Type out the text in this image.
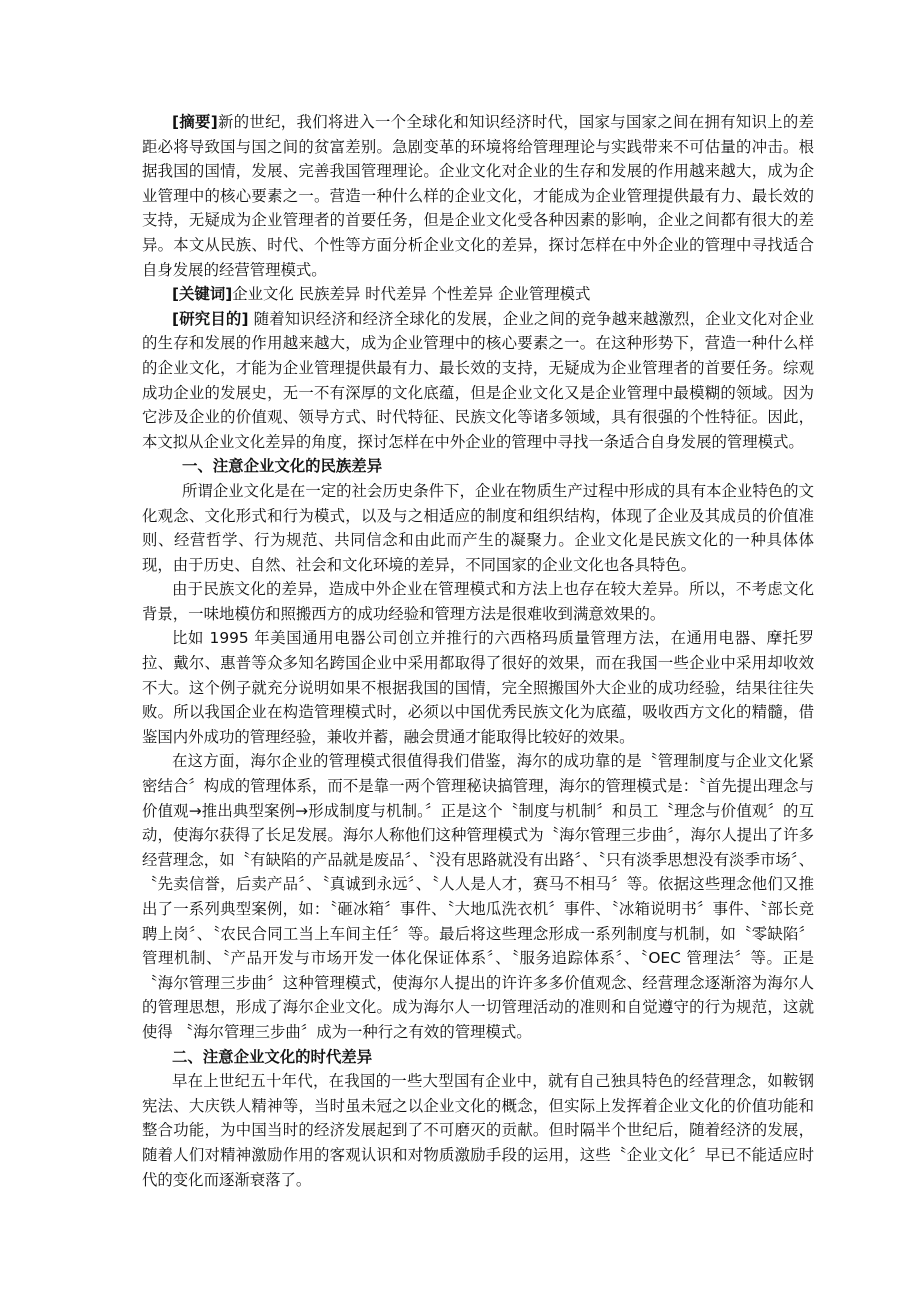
[摘要]新的世纪，我们将进入一个全球化和知识经济时代，国家与国家之间在拥有知识上的差距必将导致国与国之间的贫富差别。急剧变革的环境将给管理理论与实践带来不可估量的冲击。根据我国的国情，发展、完善我国管理理论。企业文化对企业的生存和发展的作用越来越大，成为企业管理中的核心要素之一。营造一种什么样的企业文化，才能成为企业管理提供最有力、最长效的支持，无疑成为企业管理者的首要任务，但是企业文化受各种因素的影响，企业之间都有很大的差异。本文从民族、时代、个性等方面分析企业文化的差异，探讨怎样在中外企业的管理中寻找适合自身发展的经营管理模式。

[关键词]企业文化 民族差异 时代差异 个性差异 企业管理模式

[研究目的] 随着知识经济和经济全球化的发展，企业之间的竞争越来越激烈，企业文化对企业的生存和发展的作用越来越大，成为企业管理中的核心要素之一。在这种形势下，营造一种什么样的企业文化，才能为企业管理提供最有力、最长效的支持，无疑成为企业管理者的首要任务。综观成功企业的发展史，无一不有深厚的文化底蕴，但是企业文化又是企业管理中最模糊的领域。因为它涉及企业的价值观、领导方式、时代特征、民族文化等诸多领域，具有很强的个性特征。因此，本文拟从企业文化差异的角度，探讨怎样在中外企业的管理中寻找一条适合自身发展的管理模式。

一、注意企业文化的民族差异

所谓企业文化是在一定的社会历史条件下，企业在物质生产过程中形成的具有本企业特色的文化观念、文化形式和行为模式，以及与之相适应的制度和组织结构，体现了企业及其成员的价值准则、经营哲学、行为规范、共同信念和由此而产生的凝聚力。企业文化是民族文化的一种具体体现，由于历史、自然、社会和文化环境的差异，不同国家的企业文化也各具特色。

由于民族文化的差异，造成中外企业在管理模式和方法上也存在较大差异。所以，不考虑文化背景，一味地模仿和照搬西方的成功经验和管理方法是很难收到满意效果的。

比如 1995 年美国通用电器公司创立并推行的六西格玛质量管理方法，在通用电器、摩托罗拉、戴尔、惠普等众多知名跨国企业中采用都取得了很好的效果，而在我国一些企业中采用却收效不大。这个例子就充分说明如果不根据我国的国情，完全照搬国外大企业的成功经验，结果往往失败。所以我国企业在构造管理模式时，必须以中国优秀民族文化为底蕴，吸收西方文化的精髓，借鉴国内外成功的管理经验，兼收并蓄，融会贯通才能取得比较好的效果。

在这方面，海尔企业的管理模式很值得我们借鉴，海尔的成功靠的是〝管理制度与企业文化紧密结合〞构成的管理体系，而不是靠一两个管理秘诀搞管理，海尔的管理模式是：〝首先提出理念与价值观→推出典型案例→形成制度与机制。〞正是这个〝制度与机制〞和员工〝理念与价值观〞的互动，使海尔获得了长足发展。海尔人称他们这种管理模式为〝海尔管理三步曲〞，海尔人提出了许多经营理念，如〝有缺陷的产品就是废品〞、〝没有思路就没有出路〞、〝只有淡季思想没有淡季市场〞、〝先卖信誉，后卖产品〞、〝真诚到永远〞、〝人人是人才，赛马不相马〞等。依据这些理念他们又推出了一系列典型案例，如：〝砸冰箱〞事件、〝大地瓜洗衣机〞事件、〝冰箱说明书〞事件、〝部长竞聘上岗〞、〝农民合同工当上车间主任〞等。最后将这些理念形成一系列制度与机制，如〝零缺陷〞管理机制、〝产品开发与市场开发一体化保证体系〞、〝服务追踪体系〞、〝OEC 管理法〞等。正是〝海尔管理三步曲〞这种管理模式，使海尔人提出的许许多多价值观念、经营理念逐渐溶为海尔人的管理思想，形成了海尔企业文化。成为海尔人一切管理活动的准则和自觉遵守的行为规范，这就使得 〝海尔管理三步曲〞成为一种行之有效的管理模式。

二、注意企业文化的时代差异

早在上世纪五十年代，在我国的一些大型国有企业中，就有自己独具特色的经营理念，如鞍钢宪法、大庆铁人精神等，当时虽未冠之以企业文化的概念，但实际上发挥着企业文化的价值功能和整合功能，为中国当时的经济发展起到了不可磨灭的贡献。但时隔半个世纪后，随着经济的发展，随着人们对精神激励作用的客观认识和对物质激励手段的运用，这些〝企业文化〞早已不能适应时代的变化而逐渐衰落了。
